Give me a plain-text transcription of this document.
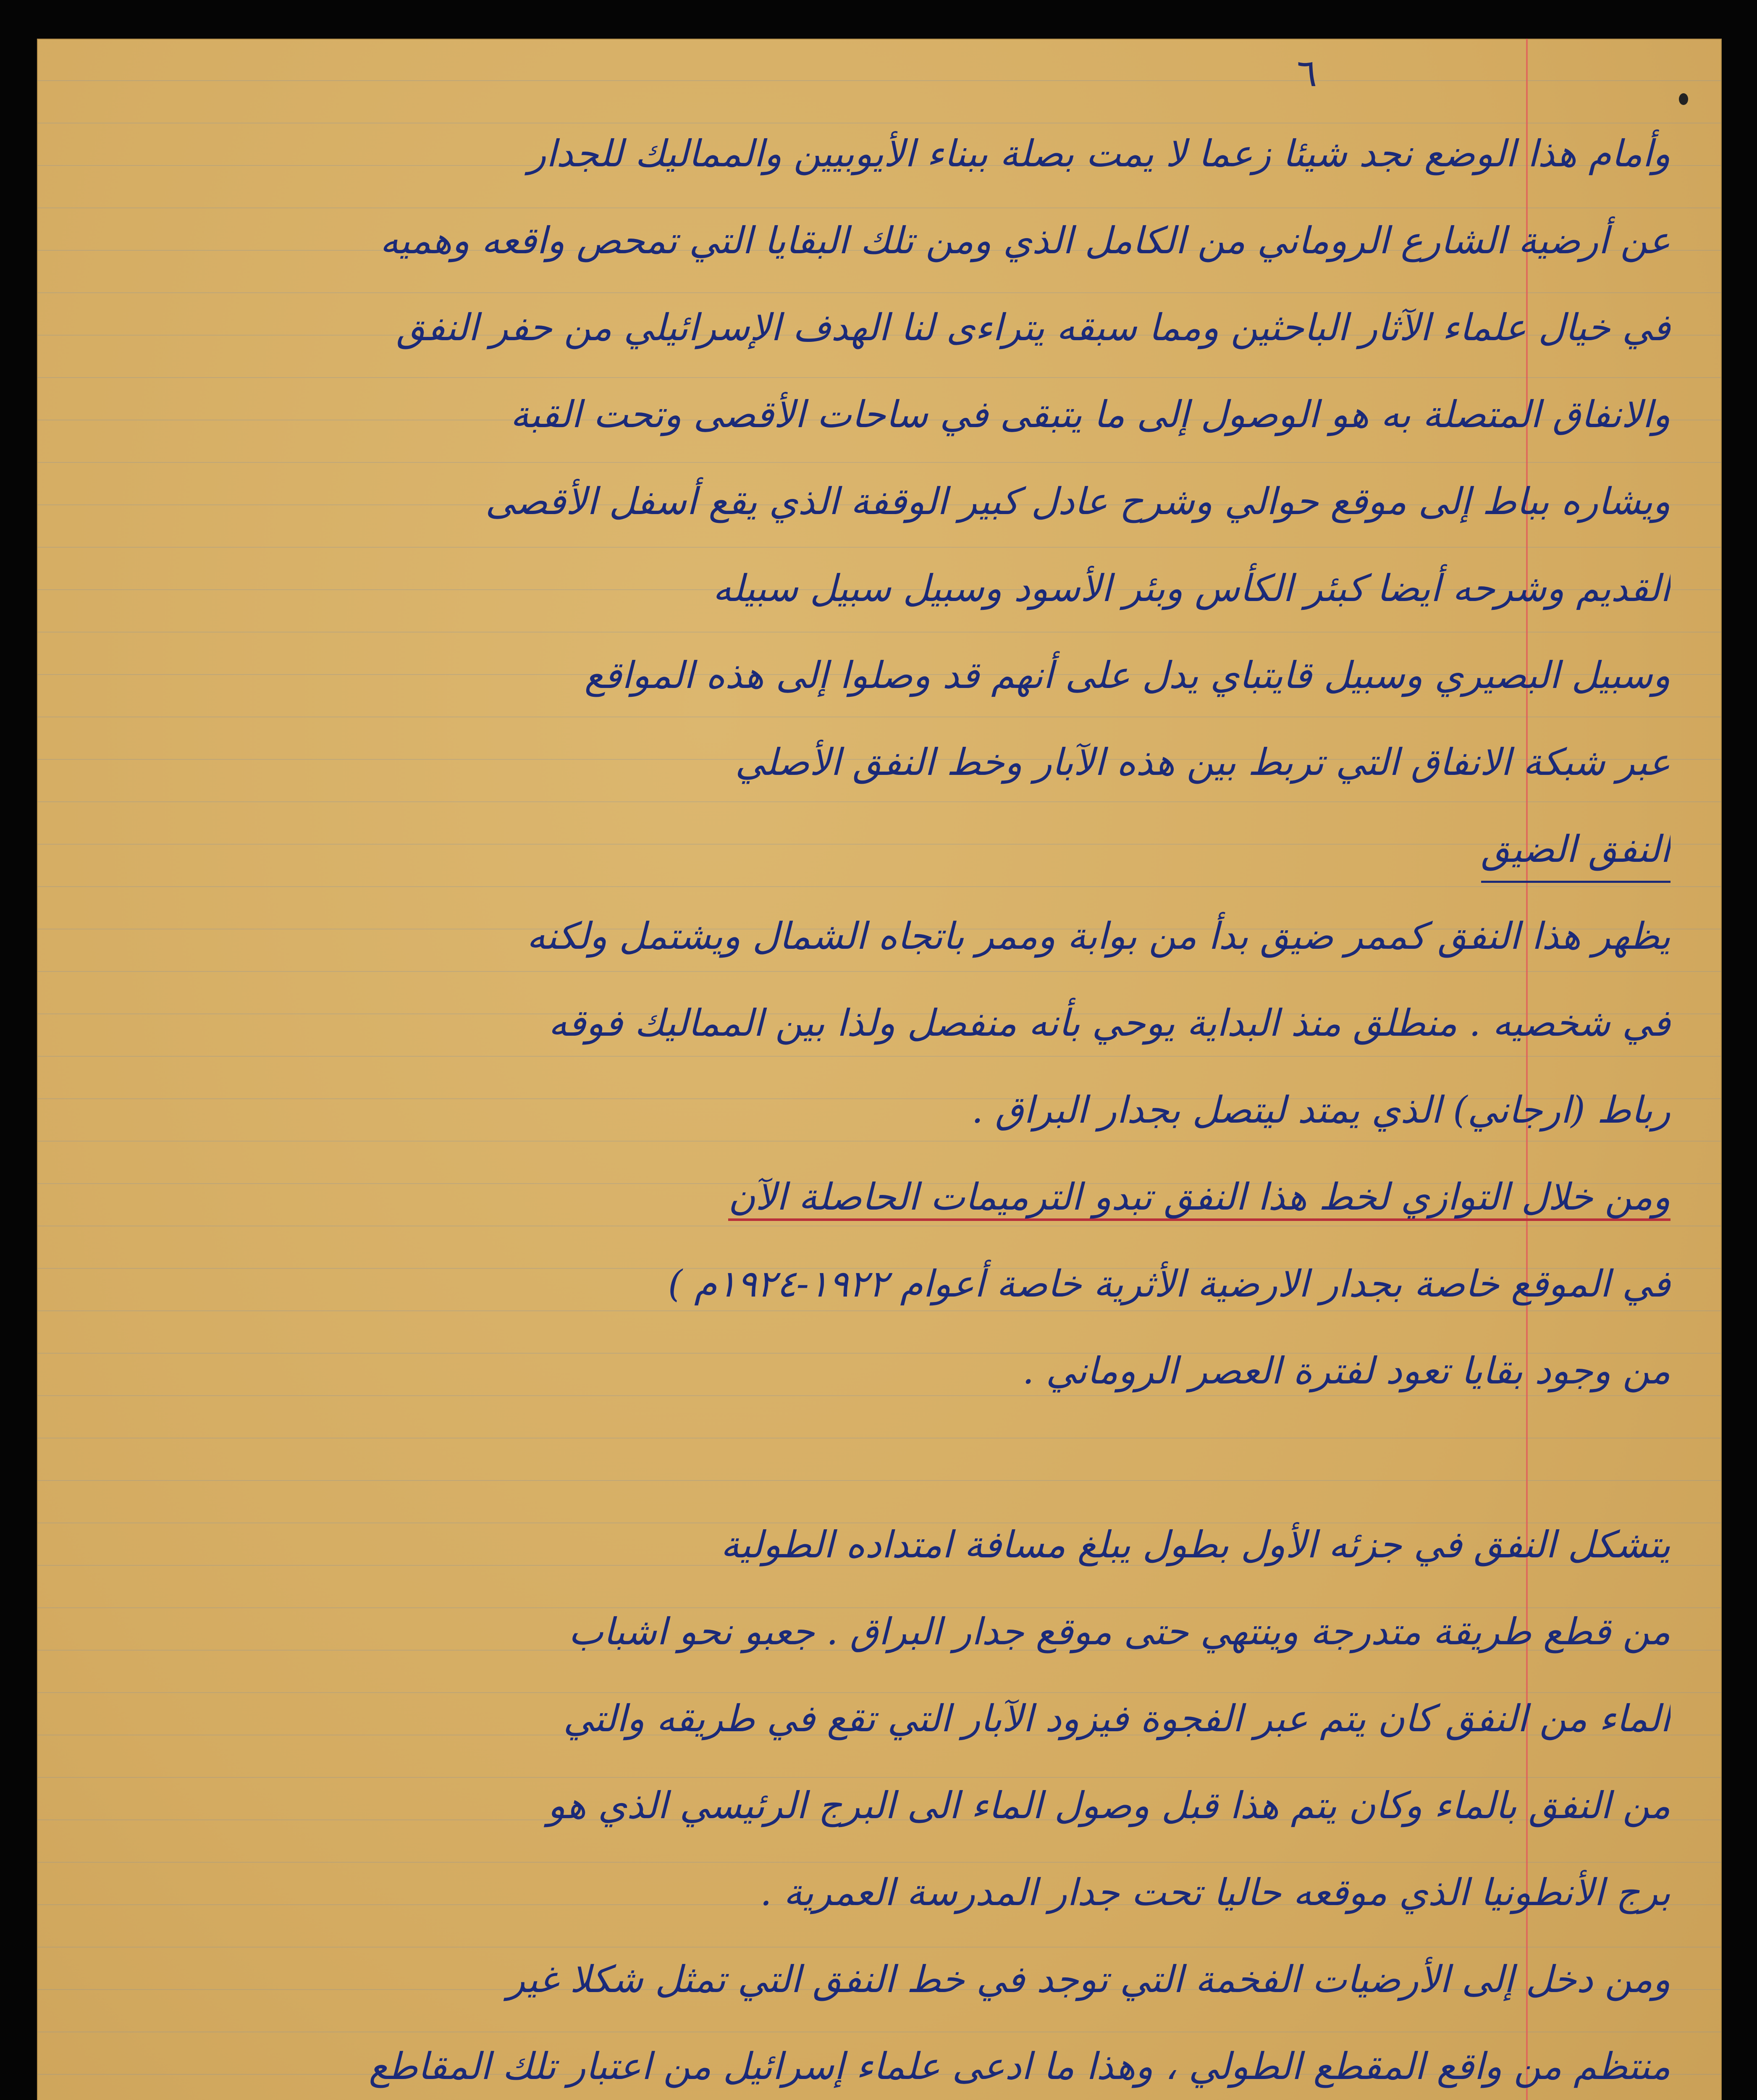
٦
وأمام هذا الوضع نجد شيئا زعما لا يمت بصلة ببناء الأيوبيين والمماليك للجدار
عن أرضية الشارع الروماني من الكامل الذي ومن تلك البقايا التي تمحص واقعه وهميه
في خيال علماء الآثار الباحثين ومما سبقه يتراءى لنا الهدف الإسرائيلي من حفر النفق
والانفاق المتصلة به هو الوصول إلى ما يتبقى في ساحات الأقصى وتحت القبة
ويشاره بباط إلى موقع حوالي وشرح عادل كبير الوقفة الذي يقع أسفل الأقصى
القديم وشرحه أيضا كبئر الكأس وبئر الأسود وسبيل سبيل سبيله
وسبيل البصيري وسبيل قايتباي يدل على أنهم قد وصلوا إلى هذه المواقع
عبر شبكة الانفاق التي تربط بين هذه الآبار وخط النفق الأصلي
النفق الضيق
يظهر هذا النفق كممر ضيق بدأ من بوابة وممر باتجاه الشمال ويشتمل ولكنه
في شخصيه . منطلق منذ البداية يوحي بأنه منفصل ولذا بين المماليك فوقه
رباط (ارجاني) الذي يمتد ليتصل بجدار البراق .
ومن خلال التوازي لخط هذا النفق تبدو الترميمات الحاصلة الآن
في الموقع خاصة بجدار الارضية الأثرية خاصة أعوام ١٩٢٢-١٩٢٤م )
من وجود بقايا تعود لفترة العصر الروماني .
يتشكل النفق في جزئه الأول بطول يبلغ مسافة امتداده الطولية
من قطع طريقة متدرجة وينتهي حتى موقع جدار البراق . جعبو نحو اشباب
الماء من النفق كان يتم عبر الفجوة فيزود الآبار التي تقع في طريقه والتي
من النفق بالماء وكان يتم هذا قبل وصول الماء الى البرج الرئيسي الذي هو
برج الأنطونيا الذي موقعه حاليا تحت جدار المدرسة العمرية .
ومن دخل إلى الأرضيات الفخمة التي توجد في خط النفق التي تمثل شكلا غير
منتظم من واقع المقطع الطولي ، وهذا ما ادعى علماء إسرائيل من اعتبار تلك المقاطع
